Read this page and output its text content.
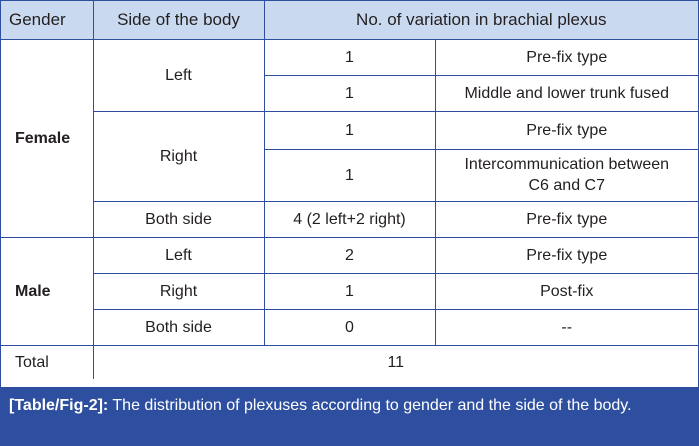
Gender	Side of the body	No. of variation in brachial plexus	
Female	Left	1	Pre-fix type
		1	Middle and lower trunk fused
	Right	1	Pre-fix type
		1	Intercommunication between
C6 and C7
	Both side	4 (2 left+2 right)	Pre-fix type
Male	Left	2	Pre-fix type
	Right	1	Post-fix
	Both side	0	--
Total	11		
[Table/Fig-2]: The distribution of plexuses according to gender and the side of the body.
